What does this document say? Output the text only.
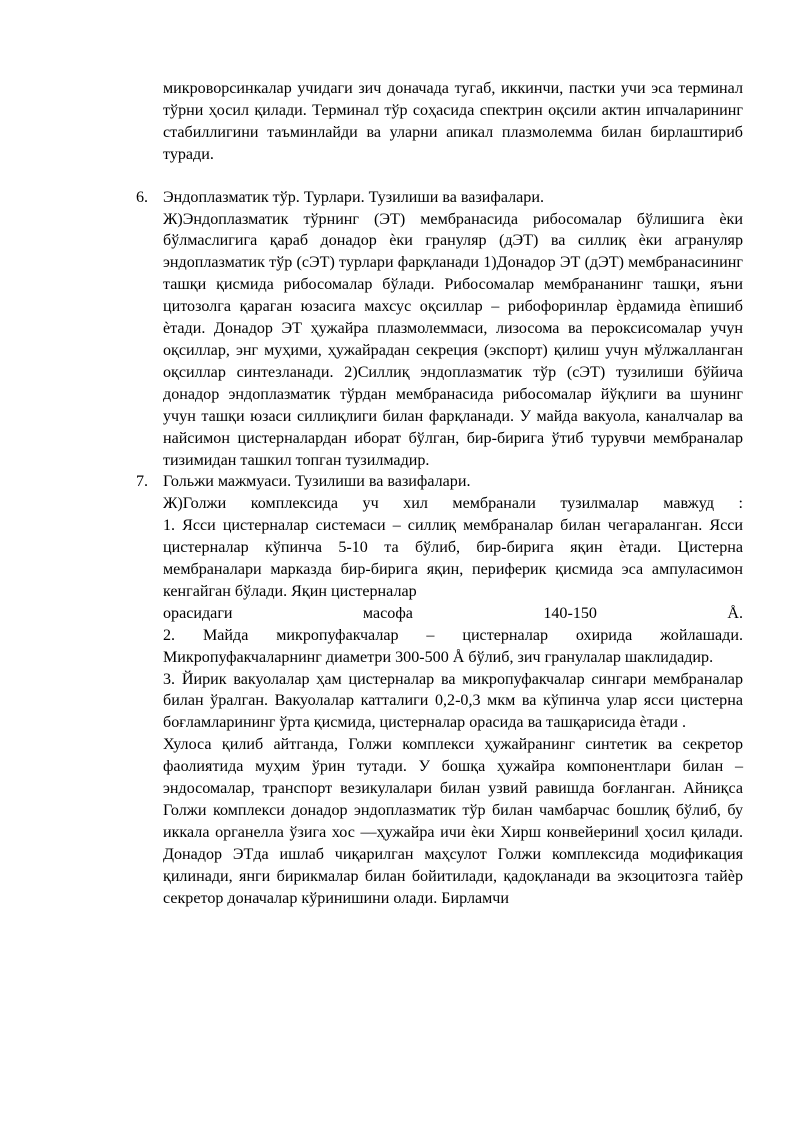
микроворсинкалар учидаги зич доначада тугаб, иккинчи, пастки учи эса терминал тўрни ҳосил қилади. Терминал тўр соҳасида спектрин оқсили актин ипчаларининг стабиллигини таъминлайди ва уларни апикал плазмолемма билан бирлаштириб туради.

6. Эндоплазматик тўр. Турлари. Тузилиши ва вазифалари.

Ж)Эндоплазматик тўрнинг (ЭТ) мембранасида рибосомалар бўлишига ѐки бўлмаслигига қараб донадор ѐки грануляр (дЭТ) ва силлиқ ѐки агрануляр эндоплазматик тўр (сЭТ) турлари фарқланади 1)Донадор ЭТ (дЭТ) мембранасининг ташқи қисмида рибосомалар бўлади. Рибосомалар мембрананинг ташқи, яъни цитозолга қараган юзасига махсус оқсиллар – рибофоринлар ѐрдамида ѐпишиб ѐтади. Донадор ЭТ ҳужайра плазмолеммаси, лизосома ва пероксисомалар учун оқсиллар, энг муҳими, ҳужайрадан секреция (экспорт) қилиш учун мўлжалланган оқсиллар синтезланади. 2)Силлиқ эндоплазматик тўр (сЭТ) тузилиши бўйича донадор эндоплазматик тўрдан мембранасида рибосомалар йўқлиги ва шунинг учун ташқи юзаси силлиқлиги билан фарқланади. У майда вакуола, каналчалар ва найсимон цистерналардан иборат бўлган, бир-бирига ўтиб турувчи мембраналар тизимидан ташкил топган тузилмадир.

7. Гольжи мажмуаси. Тузилиши ва вазифалари.

Ж)Голжи комплексида уч хил мембранали тузилмалар мавжуд :

1. Ясси цистерналар системаси – силлиқ мембраналар билан чегараланган. Ясси цистерналар кўпинча 5-10 та бўлиб, бир-бирига яқин ѐтади. Цистерна мембраналари марказда бир-бирига яқин, периферик қисмида эса ампуласимон кенгайган бўлади. Яқин цистерналар

орасидаги масофа 140-150 Å.

2. Майда микропуфакчалар – цистерналар охирида жойлашади. Микропуфакчаларнинг диаметри 300-500 Å бўлиб, зич гранулалар шаклидадир.

3. Йирик вакуолалар ҳам цистерналар ва микропуфакчалар сингари мембраналар билан ўралган. Вакуолалар катталиги 0,2-0,3 мкм ва кўпинча улар ясси цистерна боғламларининг ўрта қисмида, цистерналар орасида ва ташқарисида ѐтади .

Хулоса қилиб айтганда, Голжи комплекси ҳужайранинг синтетик ва секретор фаолиятида муҳим ўрин тутади. У бошқа ҳужайра компонентлари билан – эндосомалар, транспорт везикулалари билан узвий равишда боғланган. Айниқса Голжи комплекси донадор эндоплазматик тўр билан чамбарчас бошлиқ бўлиб, бу иккала органелла ўзига хос ―ҳужайра ичи ѐки Хирш конвейерини‖ ҳосил қилади. Донадор ЭТда ишлаб чиқарилган маҳсулот Голжи комплексида модификация қилинади, янги бирикмалар билан бойитилади, қадоқланади ва экзоцитозга тайѐр секретор доначалар кўринишини олади. Бирламчи
